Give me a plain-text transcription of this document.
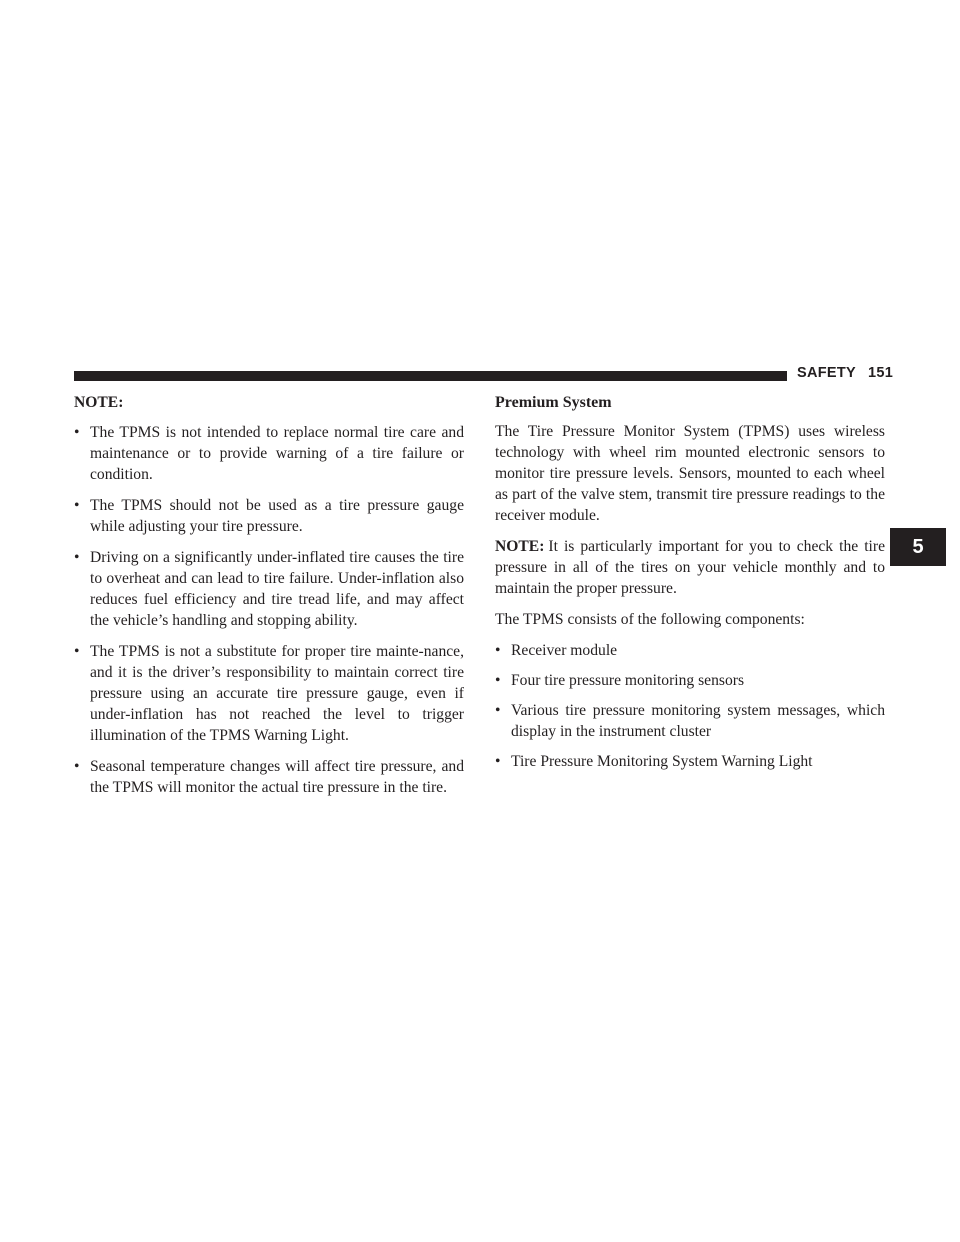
SAFETY 151
5
NOTE:
• The TPMS is not intended to replace normal tire care and maintenance or to provide warning of a tire failure or condition.
• The TPMS should not be used as a tire pressure gauge while adjusting your tire pressure.
• Driving on a significantly under-inflated tire causes the tire to overheat and can lead to tire failure. Under-inflation also reduces fuel efficiency and tire tread life, and may affect the vehicle’s handling and stopping ability.
• The TPMS is not a substitute for proper tire mainte-nance, and it is the driver’s responsibility to maintain correct tire pressure using an accurate tire pressure gauge, even if under-inflation has not reached the level to trigger illumination of the TPMS Warning Light.
• Seasonal temperature changes will affect tire pressure, and the TPMS will monitor the actual tire pressure in the tire.
Premium System

The Tire Pressure Monitor System (TPMS) uses wireless technology with wheel rim mounted electronic sensors to monitor tire pressure levels. Sensors, mounted to each wheel as part of the valve stem, transmit tire pressure readings to the receiver module.

NOTE: It is particularly important for you to check the tire pressure in all of the tires on your vehicle monthly and to maintain the proper pressure.

The TPMS consists of the following components:

• Receiver module
• Four tire pressure monitoring sensors
• Various tire pressure monitoring system messages, which display in the instrument cluster
• Tire Pressure Monitoring System Warning Light
